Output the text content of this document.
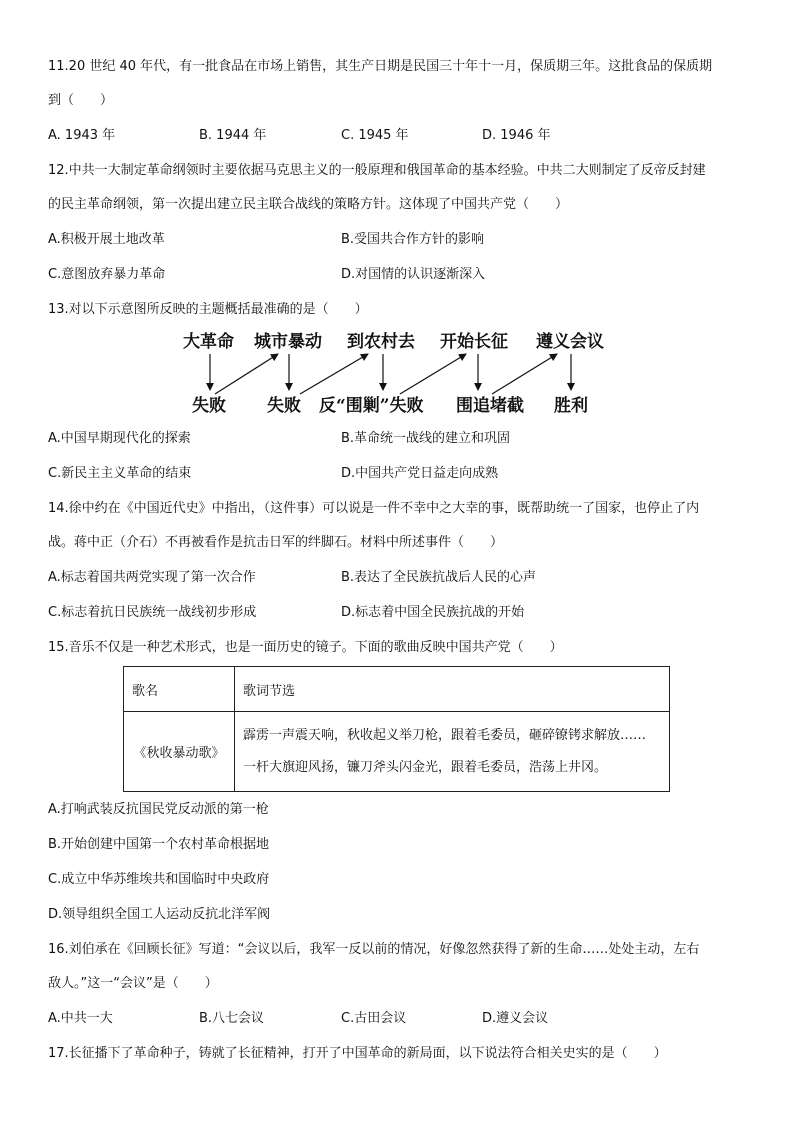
11.20 世纪 40 年代，有一批食品在市场上销售，其生产日期是民国三十年十一月，保质期三年。这批食品的保质期
到（　　）
A. 1943 年	B. 1944 年	C. 1945 年	D. 1946 年
12.中共一大制定革命纲领时主要依据马克思主义的一般原理和俄国革命的基本经验。中共二大则制定了反帝反封建
的民主革命纲领，第一次提出建立民主联合战线的策略方针。这体现了中国共产党（　　）
A.积极开展土地改革	B.受国共合作方针的影响
C.意图放弃暴力革命	D.对国情的认识逐渐深入
13.对以下示意图所反映的主题概括最准确的是（　　）
大革命 城市暴动 到农村去 开始长征 遵义会议
失败 失败 反“围剿”失败 围追堵截 胜利
A.中国早期现代化的探索	B.革命统一战线的建立和巩固
C.新民主主义革命的结束	D.中国共产党日益走向成熟
14.徐中约在《中国近代史》中指出，（这件事）可以说是一件不幸中之大幸的事，既帮助统一了国家，也停止了内
战。蒋中正（介石）不再被看作是抗击日军的绊脚石。材料中所述事件（　　）
A.标志着国共两党实现了第一次合作	B.表达了全民族抗战后人民的心声
C.标志着抗日民族统一战线初步形成	D.标志着中国全民族抗战的开始
15.音乐不仅是一种艺术形式，也是一面历史的镜子。下面的歌曲反映中国共产党（　　）
歌名	歌词节选
《秋收暴动歌》	霹雳一声震天响，秋收起义举刀枪，跟着毛委员，砸碎镣铐求解放……
一杆大旗迎风扬，镰刀斧头闪金光，跟着毛委员，浩荡上井冈。
A.打响武装反抗国民党反动派的第一枪
B.开始创建中国第一个农村革命根据地
C.成立中华苏维埃共和国临时中央政府
D.领导组织全国工人运动反抗北洋军阀
16.刘伯承在《回顾长征》写道：“会议以后，我军一反以前的情况，好像忽然获得了新的生命……处处主动，左右
敌人。”这一“会议”是（　　）
A.中共一大	B.八七会议	C.古田会议	D.遵义会议
17.长征播下了革命种子，铸就了长征精神，打开了中国革命的新局面，以下说法符合相关史实的是（　　）
